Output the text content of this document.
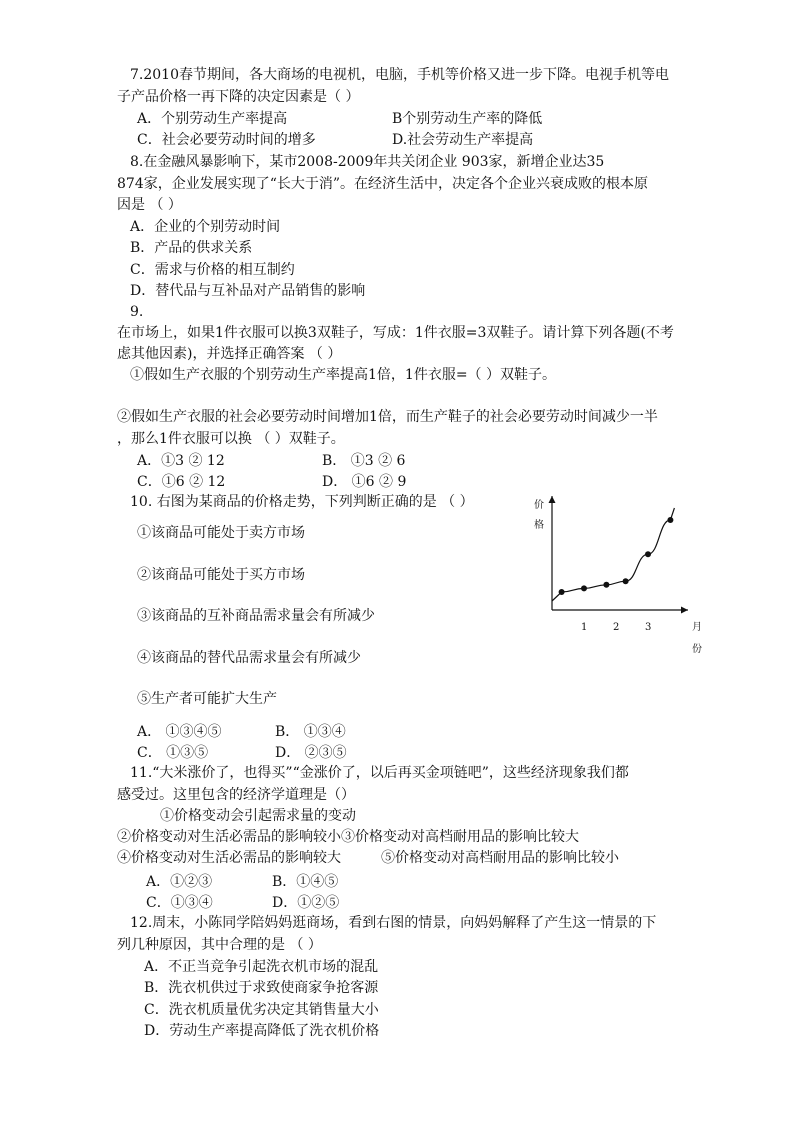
7.2010春节期间，各大商场的电视机，电脑，手机等价格又进一步下降。电视手机等电
子产品价格一再下降的决定因素是（ ）
A．个别劳动生产率提高	B个别劳动生产率的降低
C．社会必要劳动时间的增多	D.社会劳动生产率提高
8.在金融风暴影响下，某市2008-2009年共关闭企业 903家，新增企业达35
874家，企业发展实现了“长大于消”。在经济生活中，决定各个企业兴衰成败的根本原
因是 （ ）
A．企业的个别劳动时间
B．产品的供求关系
C．需求与价格的相互制约
D．替代品与互补品对产品销售的影响
9.
在市场上，如果1件衣服可以换3双鞋子，写成：1件衣服=3双鞋子。请计算下列各题(不考
虑其他因素)，并选择正确答案 （ ）
①假如生产衣服的个别劳动生产率提高1倍，1件衣服=（ ）双鞋子。
②假如生产衣服的社会必要劳动时间增加1倍，而生产鞋子的社会必要劳动时间减少一半
，那么1件衣服可以换 （ ）双鞋子。
A．①3 ② 12	B． ①3 ② 6
C．①6 ② 12	D． ①6 ② 9
10. 右图为某商品的价格走势，下列判断正确的是 （ ）
①该商品可能处于卖方市场
②该商品可能处于买方市场
③该商品的互补商品需求量会有所减少
④该商品的替代品需求量会有所减少
⑤生产者可能扩大生产
A． ①③④⑤	B． ①③④
C． ①③⑤	D． ②③⑤
价
格
月
份
1	2	3
11.“大米涨价了，也得买”“金涨价了，以后再买金项链吧”，这些经济现象我们都
感受过。这里包含的经济学道理是（）
①价格变动会引起需求量的变动
②价格变动对生活必需品的影响较小③价格变动对高档耐用品的影响比较大
④价格变动对生活必需品的影响较大	⑤价格变动对高档耐用品的影响比较小
A．①②③	B．①④⑤
C．①③④	D．①②⑤
12.周末，小陈同学陪妈妈逛商场，看到右图的情景，向妈妈解释了产生这一情景的下
列几种原因，其中合理的是 （ ）
A．不正当竞争引起洗衣机市场的混乱
B．洗衣机供过于求致使商家争抢客源
C．洗衣机质量优劣决定其销售量大小
D．劳动生产率提高降低了洗衣机价格
